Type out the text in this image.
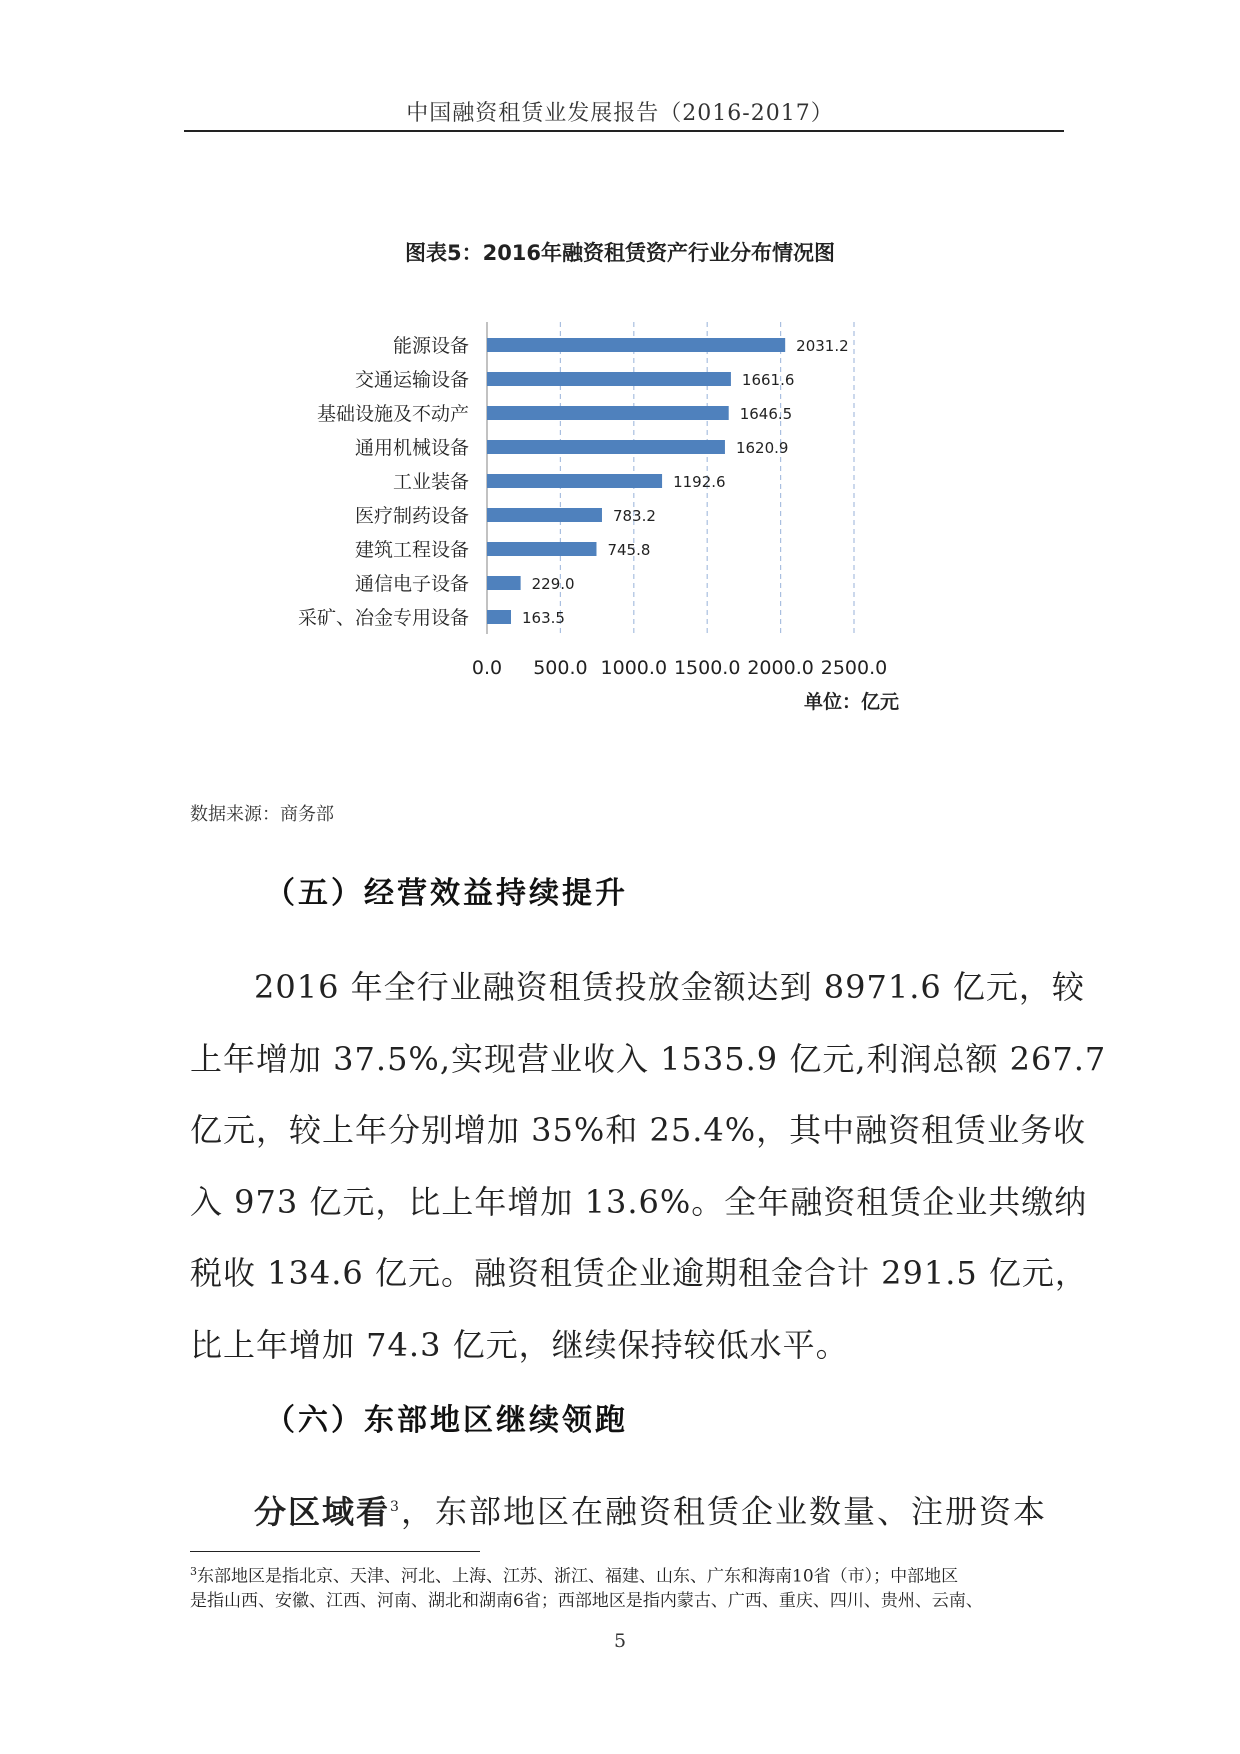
中国融资租赁业发展报告（2016-2017）
图表5：2016年融资租赁资产行业分布情况图
能源设备	2031.2
交通运输设备	1661.6
基础设施及不动产	1646.5
通用机械设备	1620.9
工业装备	1192.6
医疗制药设备	783.2
建筑工程设备	745.8
通信电子设备	229.0
采矿、冶金专用设备	163.5
0.0 500.0 1000.0 1500.0 2000.0 2500.0
单位：亿元
数据来源：商务部
（五）经营效益持续提升
2016 年全行业融资租赁投放金额达到 8971.6 亿元，较
上年增加 37.5%,实现营业收入 1535.9 亿元,利润总额 267.7
亿元，较上年分别增加 35%和 25.4%，其中融资租赁业务收
入 973 亿元，比上年增加 13.6%。全年融资租赁企业共缴纳
税收 134.6 亿元。融资租赁企业逾期租金合计 291.5 亿元，
比上年增加 74.3 亿元，继续保持较低水平。
（六）东部地区继续领跑
分区域看$^3$，东部地区在融资租赁企业数量、注册资本
$^3$东部地区是指北京、天津、河北、上海、江苏、浙江、福建、山东、广东和海南10省（市）；中部地区
是指山西、安徽、江西、河南、湖北和湖南6省；西部地区是指内蒙古、广西、重庆、四川、贵州、云南、
5
